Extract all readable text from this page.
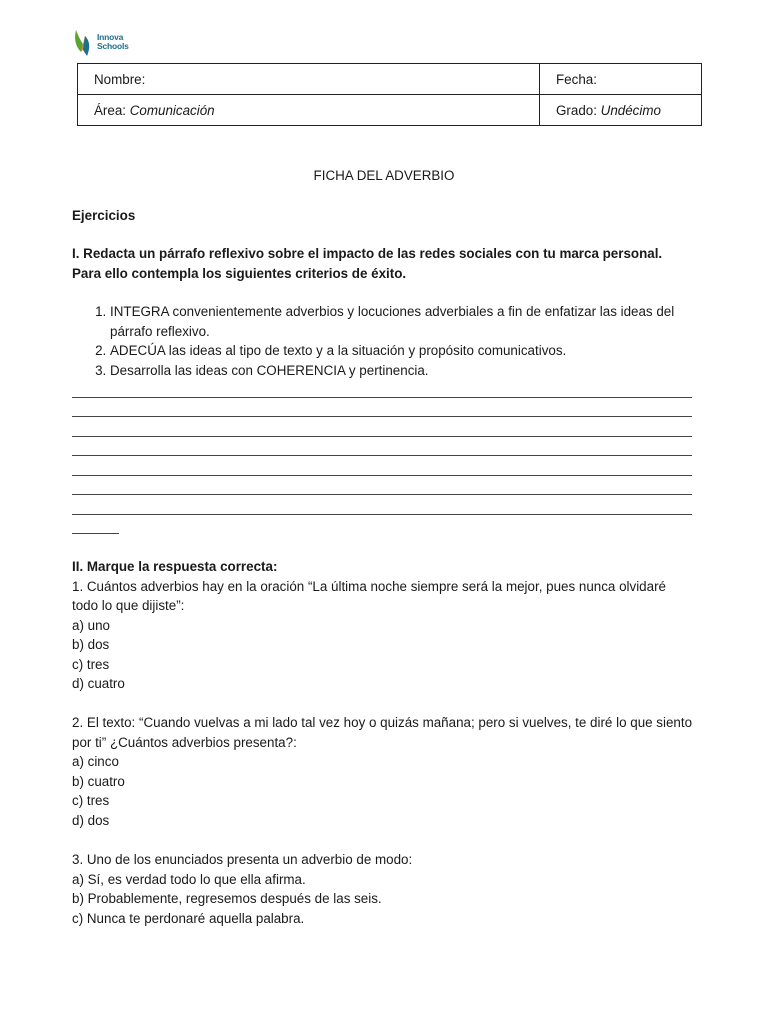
Innova
Schools
Nombre:	Fecha:
Área: Comunicación	Grado: Undécimo
FICHA DEL ADVERBIO
Ejercicios
I. Redacta un párrafo reflexivo sobre el impacto de las redes sociales con tu marca personal. Para ello contempla los siguientes criterios de éxito.
1. INTEGRA convenientemente adverbios y locuciones adverbiales a fin de enfatizar las ideas del párrafo reflexivo.
2. ADECÚA las ideas al tipo de texto y a la situación y propósito comunicativos.
3. Desarrolla las ideas con COHERENCIA y pertinencia.

II. Marque la respuesta correcta:

1. Cuántos adverbios hay en la oración “La última noche siempre será la mejor, pues nunca olvidaré todo lo que dijiste”:

a) uno

b) dos

c) tres

d) cuatro

2. El texto: “Cuando vuelvas a mi lado tal vez hoy o quizás mañana; pero si vuelves, te diré lo que siento por ti” ¿Cuántos adverbios presenta?:

a) cinco

b) cuatro

c) tres

d) dos

3. Uno de los enunciados presenta un adverbio de modo:

a) Sí, es verdad todo lo que ella afirma.

b) Probablemente, regresemos después de las seis.

c) Nunca te perdonaré aquella palabra.
